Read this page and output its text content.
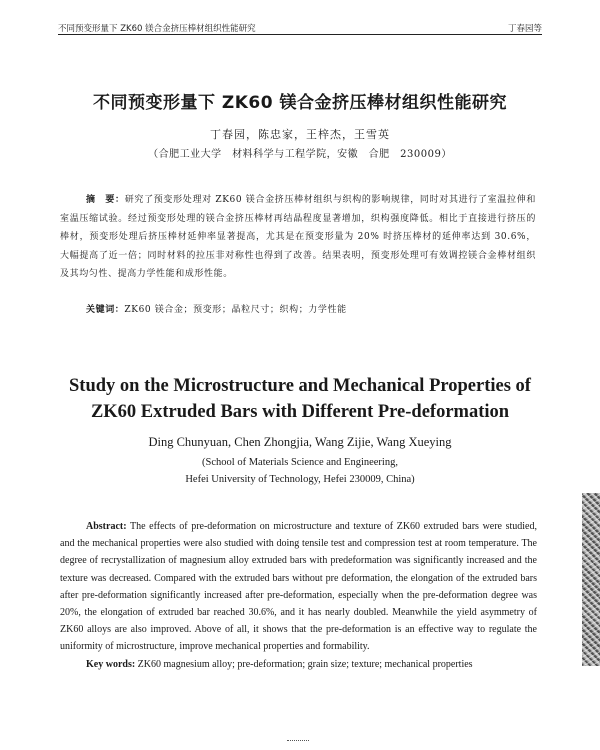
不同预变形量下 ZK60 镁合金挤压棒材组织性能研究	丁春园等
不同预变形量下 ZK60 镁合金挤压棒材组织性能研究
丁春园，陈忠家，王梓杰，王雪英
（合肥工业大学　材料科学与工程学院，安徽　合肥　230009）
摘　要：研究了预变形处理对 ZK60 镁合金挤压棒材组织与织构的影响规律，同时对其进行了室温拉伸和室温压缩试验。经过预变形处理的镁合金挤压棒材再结晶程度显著增加，织构强度降低。相比于直接进行挤压的棒材，预变形处理后挤压棒材延伸率显著提高，尤其是在预变形量为 20% 时挤压棒材的延伸率达到 30.6%，大幅提高了近一倍；同时材料的拉压非对称性也得到了改善。结果表明，预变形处理可有效调控镁合金棒材组织及其均匀性、提高力学性能和成形性能。
关键词：ZK60 镁合金；预变形；晶粒尺寸；织构；力学性能
Study on the Microstructure and Mechanical Properties of
ZK60 Extruded Bars with Different Pre-deformation
Ding Chunyuan, Chen Zhongjia, Wang Zijie, Wang Xueying
(School of Materials Science and Engineering,
Hefei University of Technology, Hefei 230009, China)
Abstract: The effects of pre-deformation on microstructure and texture of ZK60 extruded bars were studied, and the mechanical properties were also studied with doing tensile test and compression test at room temperature. The degree of recrystallization of magnesium alloy extruded bars with predeformation was significantly increased and the texture was decreased. Compared with the extruded bars without pre deformation, the elongation of the extruded bars after pre-deformation significantly increased after pre-deformation, especially when the pre-deformation degree was 20%, the elongation of extruded bar reached 30.6%, and it has nearly doubled. Meanwhile the yield asymmetry of ZK60 alloys are also improved. Above of all, it shows that the pre-deformation is an effective way to regulate the uniformity of microstructure, improve mechanical properties and formability.
Key words: ZK60 magnesium alloy; pre-deformation; grain size; texture; mechanical properties
